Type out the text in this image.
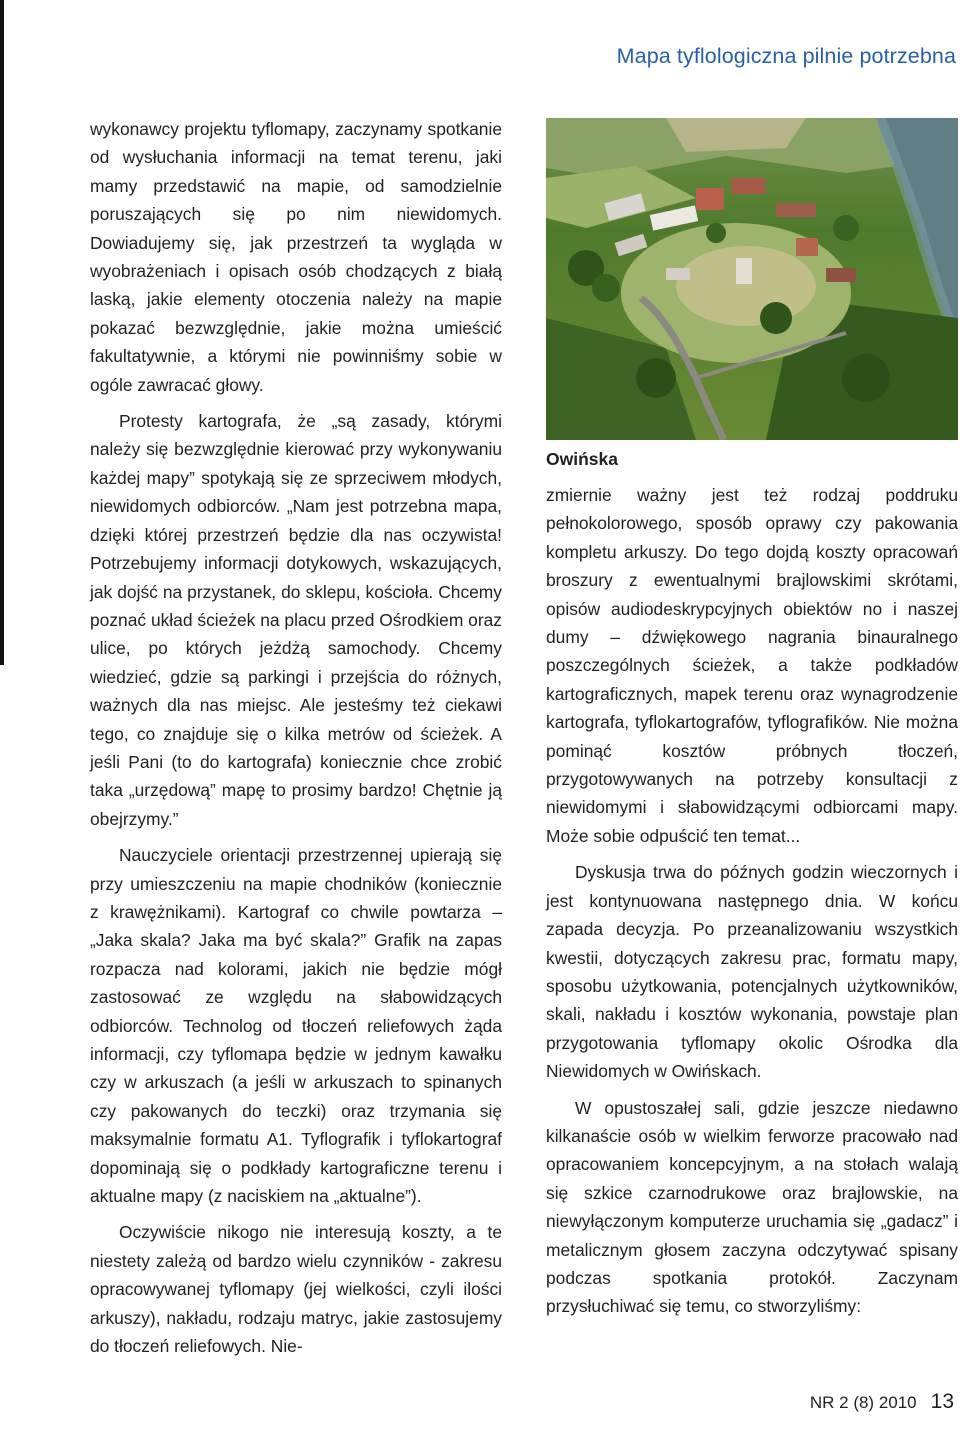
Mapa tyflologiczna pilnie potrzebna

wykonawcy projektu tyflomapy, zaczynamy spotkanie od wysłuchania informacji na temat terenu, jaki mamy przedstawić na mapie, od samodzielnie poruszających się po nim niewidomych. Dowiadujemy się, jak przestrzeń ta wygląda w wyobrażeniach i opisach osób chodzących z białą laską, jakie elementy otoczenia należy na mapie pokazać bezwzględnie, jakie można umieścić fakultatywnie, a którymi nie powinniśmy sobie w ogóle zawracać głowy.

Protesty kartografa, że „są zasady, którymi należy się bezwzględnie kierować przy wykonywaniu każdej mapy” spotykają się ze sprzeciwem młodych, niewidomych odbiorców. „Nam jest potrzebna mapa, dzięki której przestrzeń będzie dla nas oczywista! Potrzebujemy informacji dotykowych, wskazujących, jak dojść na przystanek, do sklepu, kościoła. Chcemy poznać układ ścieżek na placu przed Ośrodkiem oraz ulice, po których jeżdżą samochody. Chcemy wiedzieć, gdzie są parkingi i przejścia do różnych, ważnych dla nas miejsc. Ale jesteśmy też ciekawi tego, co znajduje się o kilka metrów od ścieżek. A jeśli Pani (to do kartografa) koniecznie chce zrobić taka „urzędową” mapę to prosimy bardzo! Chętnie ją obejrzymy.”

Nauczyciele orientacji przestrzennej upierają się przy umieszczeniu na mapie chodników (koniecznie z krawężnikami). Kartograf co chwile powtarza – „Jaka skala? Jaka ma być skala?” Grafik na zapas rozpacza nad kolorami, jakich nie będzie mógł zastosować ze względu na słabowidzących odbiorców. Technolog od tłoczeń reliefowych żąda informacji, czy tyflomapa będzie w jednym kawałku czy w arkuszach (a jeśli w arkuszach to spinanych czy pakowanych do teczki) oraz trzymania się maksymalnie formatu A1. Tyflografik i tyflokartograf dopominają się o podkłady kartograficzne terenu i aktualne mapy (z naciskiem na „aktualne”).

Oczywiście nikogo nie interesują koszty, a te niestety zależą od bardzo wielu czynników - zakresu opracowywanej tyflomapy (jej wielkości, czyli ilości arkuszy), nakładu, rodzaju matryc, jakie zastosujemy do tłoczeń reliefowych. Nie-

Owińska

zmiernie ważny jest też rodzaj poddruku pełnokolorowego, sposób oprawy czy pakowania kompletu arkuszy. Do tego dojdą koszty opracowań broszury z ewentualnymi brajlowskimi skrótami, opisów audiodeskrypcyjnych obiektów no i naszej dumy – dźwiękowego nagrania binauralnego poszczególnych ścieżek, a także podkładów kartograficznych, mapek terenu oraz wynagrodzenie kartografa, tyflokartografów, tyflografików. Nie można pominąć kosztów próbnych tłoczeń, przygotowywanych na potrzeby konsultacji z niewidomymi i słabowidzącymi odbiorcami mapy. Może sobie odpuścić ten temat...

Dyskusja trwa do późnych godzin wieczornych i jest kontynuowana następnego dnia. W końcu zapada decyzja. Po przeanalizowaniu wszystkich kwestii, dotyczących zakresu prac, formatu mapy, sposobu użytkowania, potencjalnych użytkowników, skali, nakładu i kosztów wykonania, powstaje plan przygotowania tyflomapy okolic Ośrodka dla Niewidomych w Owińskach.

W opustoszałej sali, gdzie jeszcze niedawno kilkanaście osób w wielkim ferworze pracowało nad opracowaniem koncepcyjnym, a na stołach walają się szkice czarnodrukowe oraz brajlowskie, na niewyłączonym komputerze uruchamia się „gadacz” i metalicznym głosem zaczyna odczytywać spisany podczas spotkania protokół. Zaczynam przysłuchiwać się temu, co stworzyliśmy:

NR 2 (8) 2010 13
